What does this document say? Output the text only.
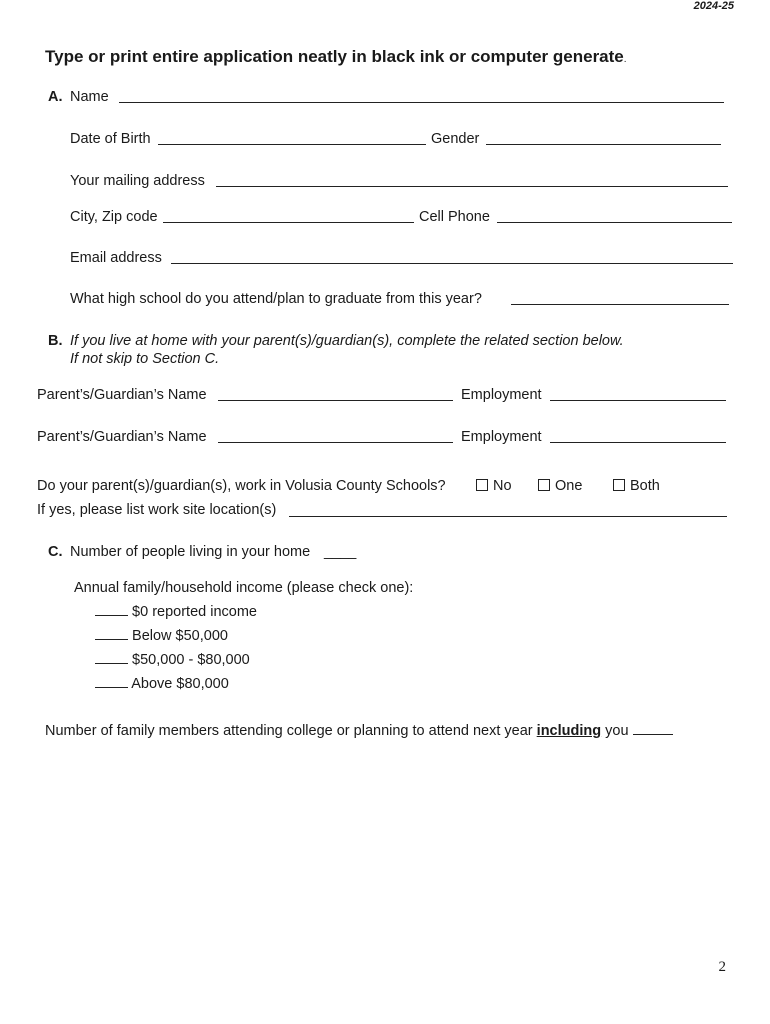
2024-25
Type or print entire application neatly in black ink or computer generate.
A. Name
Date of Birth	Gender
Your mailing address
City, Zip code	Cell Phone
Email address
What high school do you attend/plan to graduate from this year?
B. If you live at home with your parent(s)/guardian(s), complete the related section below.
If not skip to Section C.
Parent’s/Guardian’s Name	Employment
Parent’s/Guardian’s Name	Employment
Do your parent(s)/guardian(s), work in Volusia County Schools?	No	One	Both
If yes, please list work site location(s)
C. Number of people living in your home ____
Annual family/household income (please check one):
$0 reported income
Below $50,000
$50,000 - $80,000
Above $80,000
Number of family members attending college or planning to attend next year including you
2
